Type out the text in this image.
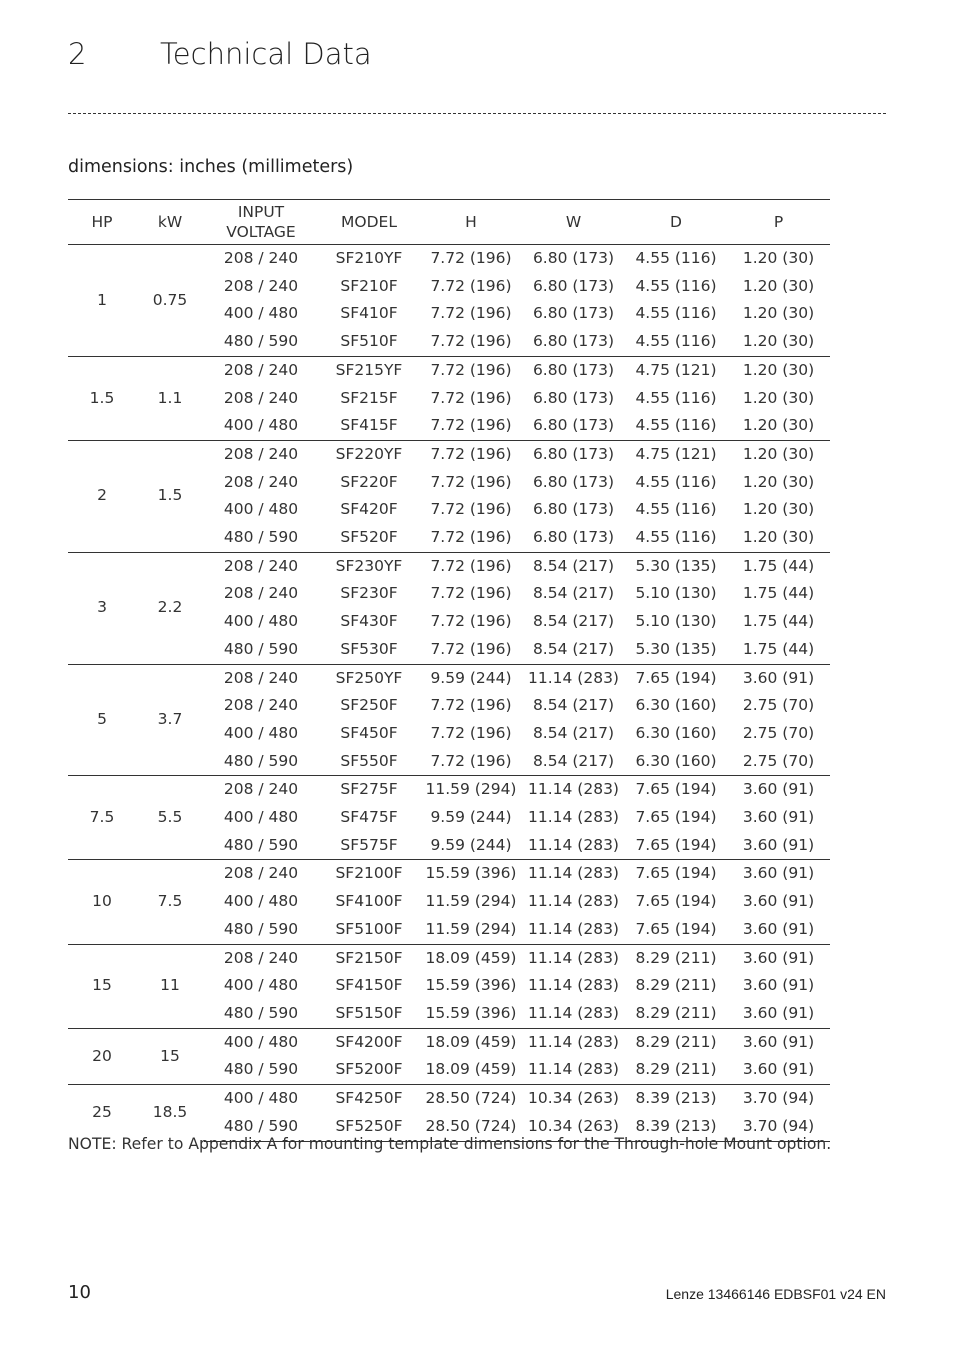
2	Technical Data
dimensions: inches (millimeters)
HP	kW	INPUT VOLTAGE	MODEL	H	W	D	P
1	0.75	208 / 240	SF210YF	7.72 (196)	6.80 (173)	4.55 (116)	1.20 (30)
		208 / 240	SF210F	7.72 (196)	6.80 (173)	4.55 (116)	1.20 (30)
		400 / 480	SF410F	7.72 (196)	6.80 (173)	4.55 (116)	1.20 (30)
		480 / 590	SF510F	7.72 (196)	6.80 (173)	4.55 (116)	1.20 (30)
1.5	1.1	208 / 240	SF215YF	7.72 (196)	6.80 (173)	4.75 (121)	1.20 (30)
		208 / 240	SF215F	7.72 (196)	6.80 (173)	4.55 (116)	1.20 (30)
		400 / 480	SF415F	7.72 (196)	6.80 (173)	4.55 (116)	1.20 (30)
2	1.5	208 / 240	SF220YF	7.72 (196)	6.80 (173)	4.75 (121)	1.20 (30)
		208 / 240	SF220F	7.72 (196)	6.80 (173)	4.55 (116)	1.20 (30)
		400 / 480	SF420F	7.72 (196)	6.80 (173)	4.55 (116)	1.20 (30)
		480 / 590	SF520F	7.72 (196)	6.80 (173)	4.55 (116)	1.20 (30)
3	2.2	208 / 240	SF230YF	7.72 (196)	8.54 (217)	5.30 (135)	1.75 (44)
		208 / 240	SF230F	7.72 (196)	8.54 (217)	5.10 (130)	1.75 (44)
		400 / 480	SF430F	7.72 (196)	8.54 (217)	5.10 (130)	1.75 (44)
		480 / 590	SF530F	7.72 (196)	8.54 (217)	5.30 (135)	1.75 (44)
5	3.7	208 / 240	SF250YF	9.59 (244)	11.14 (283)	7.65 (194)	3.60 (91)
		208 / 240	SF250F	7.72 (196)	8.54 (217)	6.30 (160)	2.75 (70)
		400 / 480	SF450F	7.72 (196)	8.54 (217)	6.30 (160)	2.75 (70)
		480 / 590	SF550F	7.72 (196)	8.54 (217)	6.30 (160)	2.75 (70)
7.5	5.5	208 / 240	SF275F	11.59 (294)	11.14 (283)	7.65 (194)	3.60 (91)
		400 / 480	SF475F	9.59 (244)	11.14 (283)	7.65 (194)	3.60 (91)
		480 / 590	SF575F	9.59 (244)	11.14 (283)	7.65 (194)	3.60 (91)
10	7.5	208 / 240	SF2100F	15.59 (396)	11.14 (283)	7.65 (194)	3.60 (91)
		400 / 480	SF4100F	11.59 (294)	11.14 (283)	7.65 (194)	3.60 (91)
		480 / 590	SF5100F	11.59 (294)	11.14 (283)	7.65 (194)	3.60 (91)
15	11	208 / 240	SF2150F	18.09 (459)	11.14 (283)	8.29 (211)	3.60 (91)
		400 / 480	SF4150F	15.59 (396)	11.14 (283)	8.29 (211)	3.60 (91)
		480 / 590	SF5150F	15.59 (396)	11.14 (283)	8.29 (211)	3.60 (91)
20	15	400 / 480	SF4200F	18.09 (459)	11.14 (283)	8.29 (211)	3.60 (91)
		480 / 590	SF5200F	18.09 (459)	11.14 (283)	8.29 (211)	3.60 (91)
25	18.5	400 / 480	SF4250F	28.50 (724)	10.34 (263)	8.39 (213)	3.70 (94)
		480 / 590	SF5250F	28.50 (724)	10.34 (263)	8.39 (213)	3.70 (94)
NOTE: Refer to Appendix A for mounting template dimensions for the Through-hole Mount option.
10	Lenze 13466146 EDBSF01 v24 EN
